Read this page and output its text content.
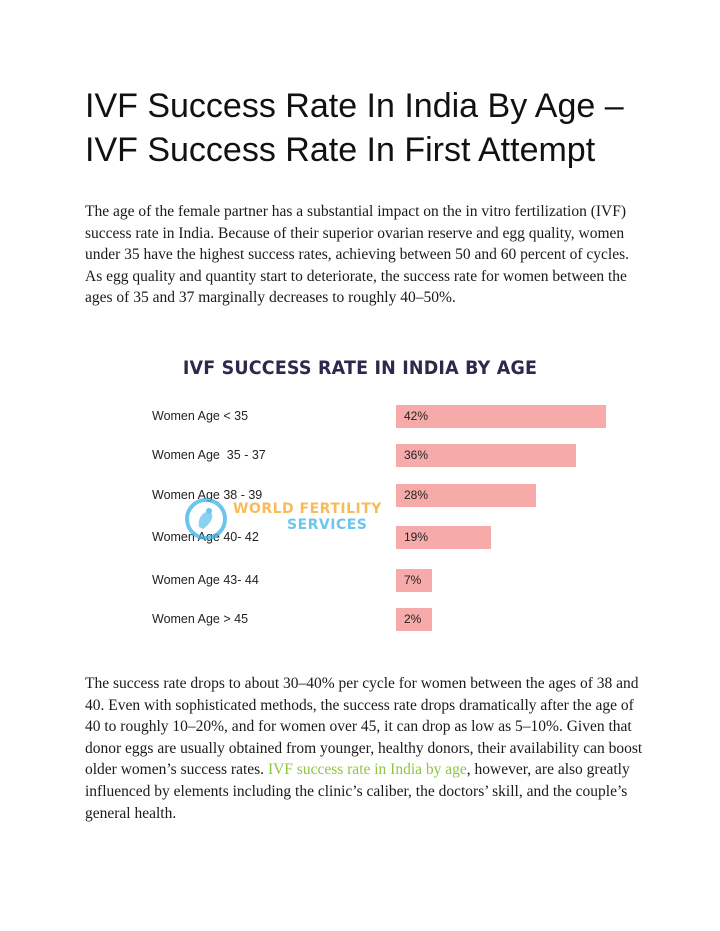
IVF Success Rate In India By Age – IVF Success Rate In First Attempt

The age of the female partner has a substantial impact on the in vitro fertilization (IVF) success rate in India. Because of their superior ovarian reserve and egg quality, women under 35 have the highest success rates, achieving between 50 and 60 percent of cycles. As egg quality and quantity start to deteriorate, the success rate for women between the ages of 35 and 37 marginally decreases to roughly 40–50%.

IVF SUCCESS RATE IN INDIA BY AGE
Women Age < 35	42%
Women Age  35 - 37	36%
Women Age 38 - 39	28%
Women Age 40- 42	19%
Women Age 43- 44	7%
Women Age > 45	2%
WORLD FERTILITY
SERVICES

The success rate drops to about 30–40% per cycle for women between the ages of 38 and 40. Even with sophisticated methods, the success rate drops dramatically after the age of 40 to roughly 10–20%, and for women over 45, it can drop as low as 5–10%. Given that donor eggs are usually obtained from younger, healthy donors, their availability can boost older women’s success rates. IVF success rate in India by age, however, are also greatly influenced by elements including the clinic’s caliber, the doctors’ skill, and the couple’s general health.
